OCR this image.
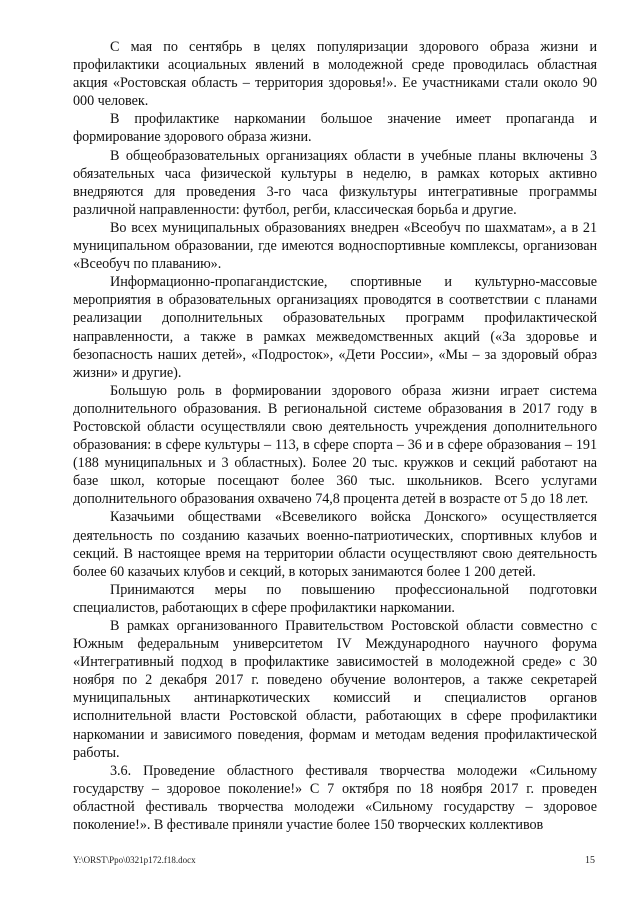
С мая по сентябрь в целях популяризации здорового образа жизни и профилактики асоциальных явлений в молодежной среде проводилась областная акция «Ростовская область – территория здоровья!». Ее участниками стали около 90 000 человек.

В профилактике наркомании большое значение имеет пропаганда и формирование здорового образа жизни.

В общеобразовательных организациях области в учебные планы включены 3 обязательных часа физической культуры в неделю, в рамках которых активно внедряются для проведения 3-го часа физкультуры интегративные программы различной направленности: футбол, регби, классическая борьба и другие.

Во всех муниципальных образованиях внедрен «Всеобуч по шахматам», а в 21 муниципальном образовании, где имеются водноспортивные комплексы, организован «Всеобуч по плаванию».

Информационно-пропагандистские, спортивные и культурно-массовые мероприятия в образовательных организациях проводятся в соответствии с планами реализации дополнительных образовательных программ профилактической направленности, а также в рамках межведомственных акций («За здоровье и безопасность наших детей», «Подросток», «Дети России», «Мы – за здоровый образ жизни» и другие).

Большую роль в формировании здорового образа жизни играет система дополнительного образования. В региональной системе образования в 2017 году в Ростовской области осуществляли свою деятельность учреждения дополнительного образования: в сфере культуры – 113, в сфере спорта – 36 и в сфере образования – 191 (188 муниципальных и 3 областных). Более 20 тыс. кружков и секций работают на базе школ, которые посещают более 360 тыс. школьников. Всего услугами дополнительного образования охвачено 74,8 процента детей в возрасте от 5 до 18 лет.

Казачьими обществами «Всевеликого войска Донского» осуществляется деятельность по созданию казачьих военно-патриотических, спортивных клубов и секций. В настоящее время на территории области осуществляют свою деятельность более 60 казачьих клубов и секций, в которых занимаются более 1 200 детей.

Принимаются меры по повышению профессиональной подготовки специалистов, работающих в сфере профилактики наркомании.

В рамках организованного Правительством Ростовской области совместно с Южным федеральным университетом IV Международного научного форума «Интегративный подход в профилактике зависимостей в молодежной среде» с 30 ноября по 2 декабря 2017 г. поведено обучение волонтеров, а также секретарей муниципальных антинаркотических комиссий и специалистов органов исполнительной власти Ростовской области, работающих в сфере профилактики наркомании и зависимого поведения, формам и методам ведения профилактической работы.

3.6. Проведение областного фестиваля творчества молодежи «Сильному государству – здоровое поколение!» С 7 октября по 18 ноября 2017 г. проведен областной фестиваль творчества молодежи «Сильному государству – здоровое поколение!». В фестивале приняли участие более 150 творческих коллективов

Y:\ORST\Ppo\0321p172.f18.docx	15
